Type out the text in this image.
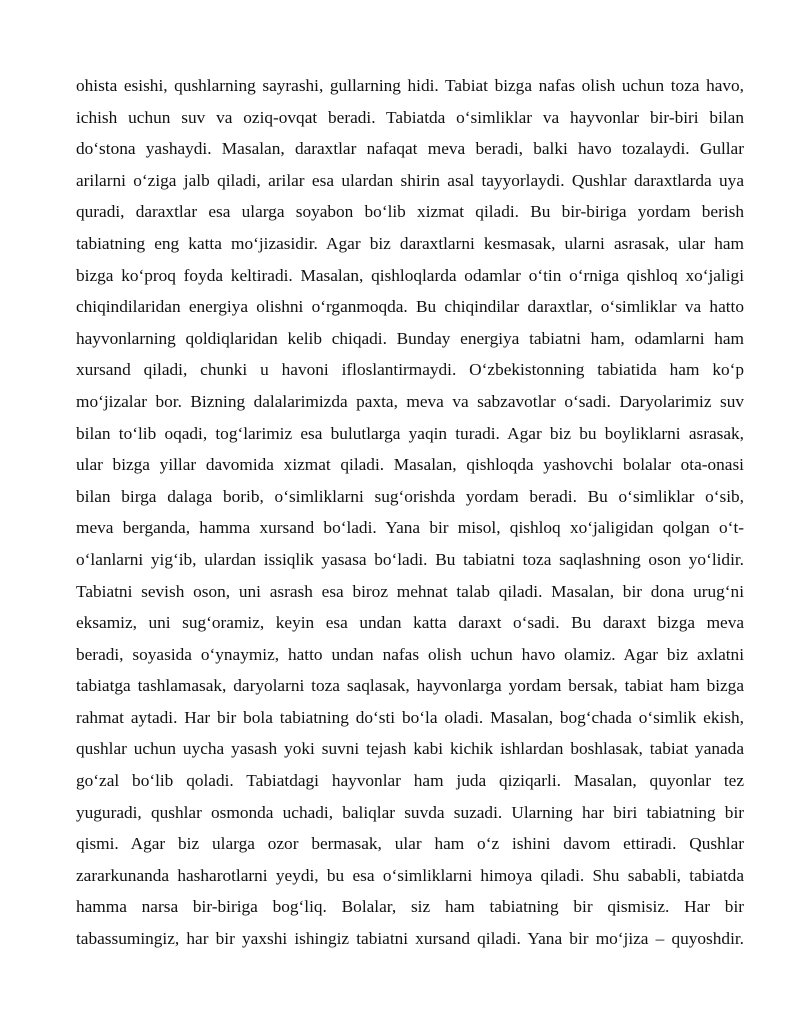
ohista esishi, qushlarning sayrashi, gullarning hidi. Tabiat bizga nafas olish uchun toza havo,
ichish uchun suv va oziq-ovqat beradi. Tabiatda o‘simliklar va hayvonlar bir-biri bilan
do‘stona yashaydi. Masalan, daraxtlar nafaqat meva beradi, balki havo tozalaydi. Gullar
arilarni o‘ziga jalb qiladi, arilar esa ulardan shirin asal tayyorlaydi. Qushlar daraxtlarda uya
quradi, daraxtlar esa ularga soyabon bo‘lib xizmat qiladi. Bu bir-biriga yordam berish
tabiatning eng katta mo‘jizasidir. Agar biz daraxtlarni kesmasak, ularni asrasak, ular ham
bizga ko‘proq foyda keltiradi. Masalan, qishloqlarda odamlar o‘tin o‘rniga qishloq xo‘jaligi
chiqindilaridan energiya olishni o‘rganmoqda. Bu chiqindilar daraxtlar, o‘simliklar va hatto
hayvonlarning qoldiqlaridan kelib chiqadi. Bunday energiya tabiatni ham, odamlarni ham
xursand qiladi, chunki u havoni ifloslantirmaydi. O‘zbekistonning tabiatida ham ko‘p
mo‘jizalar bor. Bizning dalalarimizda paxta, meva va sabzavotlar o‘sadi. Daryolarimiz suv
bilan to‘lib oqadi, tog‘larimiz esa bulutlarga yaqin turadi. Agar biz bu boyliklarni asrasak,
ular bizga yillar davomida xizmat qiladi. Masalan, qishloqda yashovchi bolalar ota-onasi
bilan birga dalaga borib, o‘simliklarni sug‘orishda yordam beradi. Bu o‘simliklar o‘sib,
meva berganda, hamma xursand bo‘ladi. Yana bir misol, qishloq xo‘jaligidan qolgan o‘t-
o‘lanlarni yig‘ib, ulardan issiqlik yasasa bo‘ladi. Bu tabiatni toza saqlashning oson yo‘lidir.
Tabiatni sevish oson, uni asrash esa biroz mehnat talab qiladi. Masalan, bir dona urug‘ni
eksamiz, uni sug‘oramiz, keyin esa undan katta daraxt o‘sadi. Bu daraxt bizga meva
beradi, soyasida o‘ynaymiz, hatto undan nafas olish uchun havo olamiz. Agar biz axlatni
tabiatga tashlamasak, daryolarni toza saqlasak, hayvonlarga yordam bersak, tabiat ham bizga
rahmat aytadi. Har bir bola tabiatning do‘sti bo‘la oladi. Masalan, bog‘chada o‘simlik ekish,
qushlar uchun uycha yasash yoki suvni tejash kabi kichik ishlardan boshlasak, tabiat yanada
go‘zal bo‘lib qoladi. Tabiatdagi hayvonlar ham juda qiziqarli. Masalan, quyonlar tez
yuguradi, qushlar osmonda uchadi, baliqlar suvda suzadi. Ularning har biri tabiatning bir
qismi. Agar biz ularga ozor bermasak, ular ham o‘z ishini davom ettiradi. Qushlar
zararkunanda hasharotlarni yeydi, bu esa o‘simliklarni himoya qiladi. Shu sababli, tabiatda
hamma narsa bir-biriga bog‘liq. Bolalar, siz ham tabiatning bir qismisiz. Har bir
tabassumingiz, har bir yaxshi ishingiz tabiatni xursand qiladi. Yana bir mo‘jiza – quyoshdir.
